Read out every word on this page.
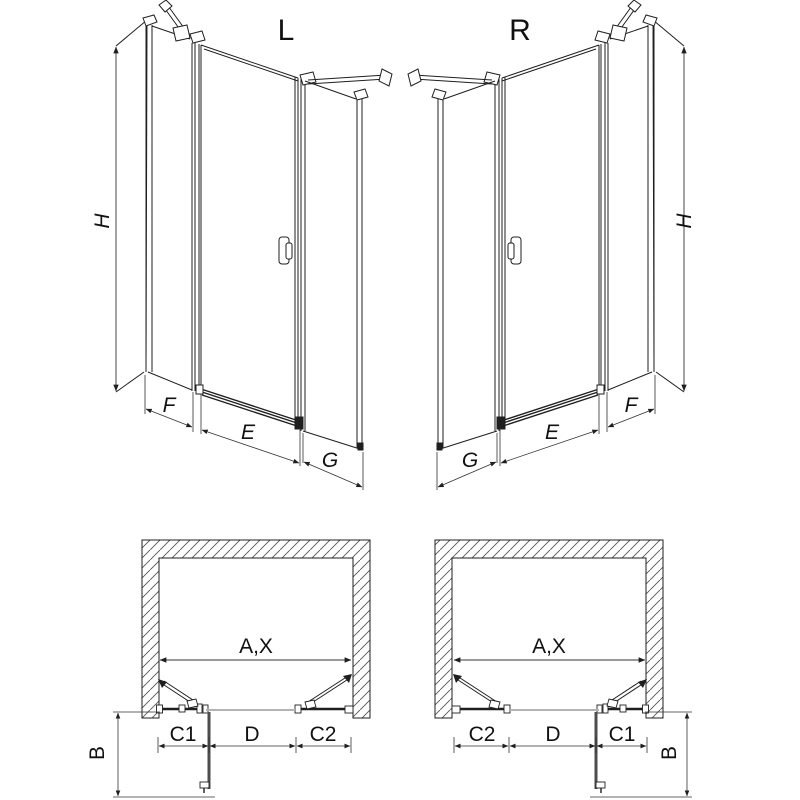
L
H
F
E
G
R
H
G
E
F
A,X
C1 D C2
B
A,X
C2 D C1
B
